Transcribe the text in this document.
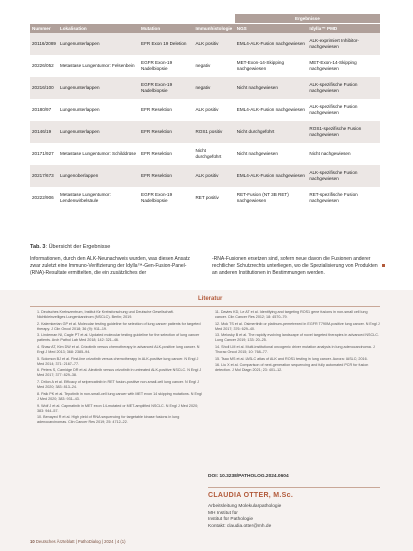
				Ergebnisse	
Nummer	Lokalisation	Mutation	Immunhistologie	NGS	Idylla™ PMD
20116/2089	Lungenunterlappen	EFR Exon 19 Deletion	ALK positiv	EML4-ALK-Fusion nachgewiesen	ALK-exprimiert Inhibitor-nachgewiesen
20226/052	Metastase Lungentumor: Felsenbein	EGFR Exon-19 Nadelbiopsie	negativ	MET-Exon-14-Skipping nachgewiesen	MET-Exon-14-Skipping nachgewiesen
20216/100	Lungenunterlappen	EGFR Exon-19 Nadelbiopsie	negativ	Nicht nachgewiesen	ALK-spezifische Fusion nachgewiesen
20180/97	Lungenunterlappen	EFR Resektion	ALK positiv	EML4-ALK-Fusion nachgewiesen	ALK-spezifische Fusion nachgewiesen
20146/19	Lungenunterlappen	EFR Resektion	ROS1 positiv	Nicht durchgeführt	ROS1-spezifische Fusion nachgewiesen
20171/927	Metastase Lungentumor: Schilddrüse	EFR Resektion	Nicht durchgeführt	Nicht nachgewiesen	Nicht nachgewiesen
20217/673	Lungenoberlappen	EFR Resektion	ALK positiv	EML4-ALK-Fusion nachgewiesen	ALK-spezifische Fusion nachgewiesen
20222/906	Metastase Lungentumor: Lendenwirbelsäule	EGFR Exon-19 Nadelbiopsie	RET positiv	RET-Fusion (NT 3B RET) nachgewiesen	RET-spezifische Fusion nachgewiesen
Tab. 3: Übersicht der Ergebnisse

Informationen, durch den ALK-Neunachweis wurden, was diesen Ansatz zwar zuletzt eine Immuno-Verifizierung der Idylla™-Gen-Fusion-Panel-(RNA)-Resultate ermittelten, die ein zusätzliches der

-RNA-Fusionen ersetzen sind, sofern neue davon die Fusionen anderer rechtlicher Schutzrechts unterliegen, wo die Spezialisierung von Produkten an anderen Institutionen in Bestimmungen werden.

Literatur
1. Deutsches Krebszentrum, Institut für Krebsforschung und Deutsche Gesellschaft. Nichtkleinzelliges Lungenkarzinom (NSCLC). Berlin; 2019.
2. Kalemkerian GP et al. Molecular testing guideline for selection of lung cancer patients for targeted therapy. J Clin Oncol 2018; 36 (9): 911–19.
3. Lindeman NI, Cagle PT et al. Updated molecular testing guideline for the selection of lung cancer patients. Arch Pathol Lab Med 2018; 142: 321–46.
4. Shaw AT, Kim DW et al. Crizotinib versus chemotherapy in advanced ALK-positive lung cancer. N Engl J Med 2013; 368: 2385–94.
5. Solomon BJ et al. First-line crizotinib versus chemotherapy in ALK-positive lung cancer. N Engl J Med 2014; 371: 2167–77.
6. Peters S, Camidge DR et al. Alectinib versus crizotinib in untreated ALK-positive NSCLC. N Engl J Med 2017; 377: 829–38.
7. Drilon A et al. Efficacy of selpercatinib in RET fusion-positive non-small-cell lung cancer. N Engl J Med 2020; 383: 813–24.
8. Paik PK et al. Tepotinib in non-small-cell lung cancer with MET exon 14 skipping mutations. N Engl J Med 2020; 383: 931–43.
9. Wolf J et al. Capmatinib in MET exon 14-mutated or MET-amplified NSCLC. N Engl J Med 2020; 383: 944–57.
10. Benayed R et al. High yield of RNA sequencing for targetable kinase fusions in lung adenocarcinomas. Clin Cancer Res 2019; 25: 4712–22.
11. Davies KD, Le AT et al. Identifying and targeting ROS1 gene fusions in non-small cell lung cancer. Clin Cancer Res 2012; 18: 4570–79.
12. Mok TS et al. Osimertinib or platinum-pemetrexed in EGFR T790M-positive lung cancer. N Engl J Med 2017; 376: 629–40.
13. Melosky B et al. The rapidly evolving landscape of novel targeted therapies in advanced NSCLC. Lung Cancer 2019; 133: 20–25.
14. Sholl LM et al. Multi-institutional oncogenic driver mutation analysis in lung adenocarcinoma. J Thorac Oncol 2015; 10: 768–77.
15. Tsao MS et al. IASLC atlas of ALK and ROS1 testing in lung cancer. Aurora: IASLC; 2016.
16. Liu X et al. Comparison of next-generation sequencing and fully automated PCR for fusion detection. J Mol Diagn 2021; 23: 401–12.
DOI: 10.3238/PATHOLOG.2024.0604
CLAUDIA OTTER, M.Sc.
Arbeitsleitung Molekularpathologie
MH Institut für
Institut für Pathologie
Kontakt: claudia.otter@mh.de
10 Deutsches Ärzteblatt | PathoDialog | 2024 | 4 (1)
